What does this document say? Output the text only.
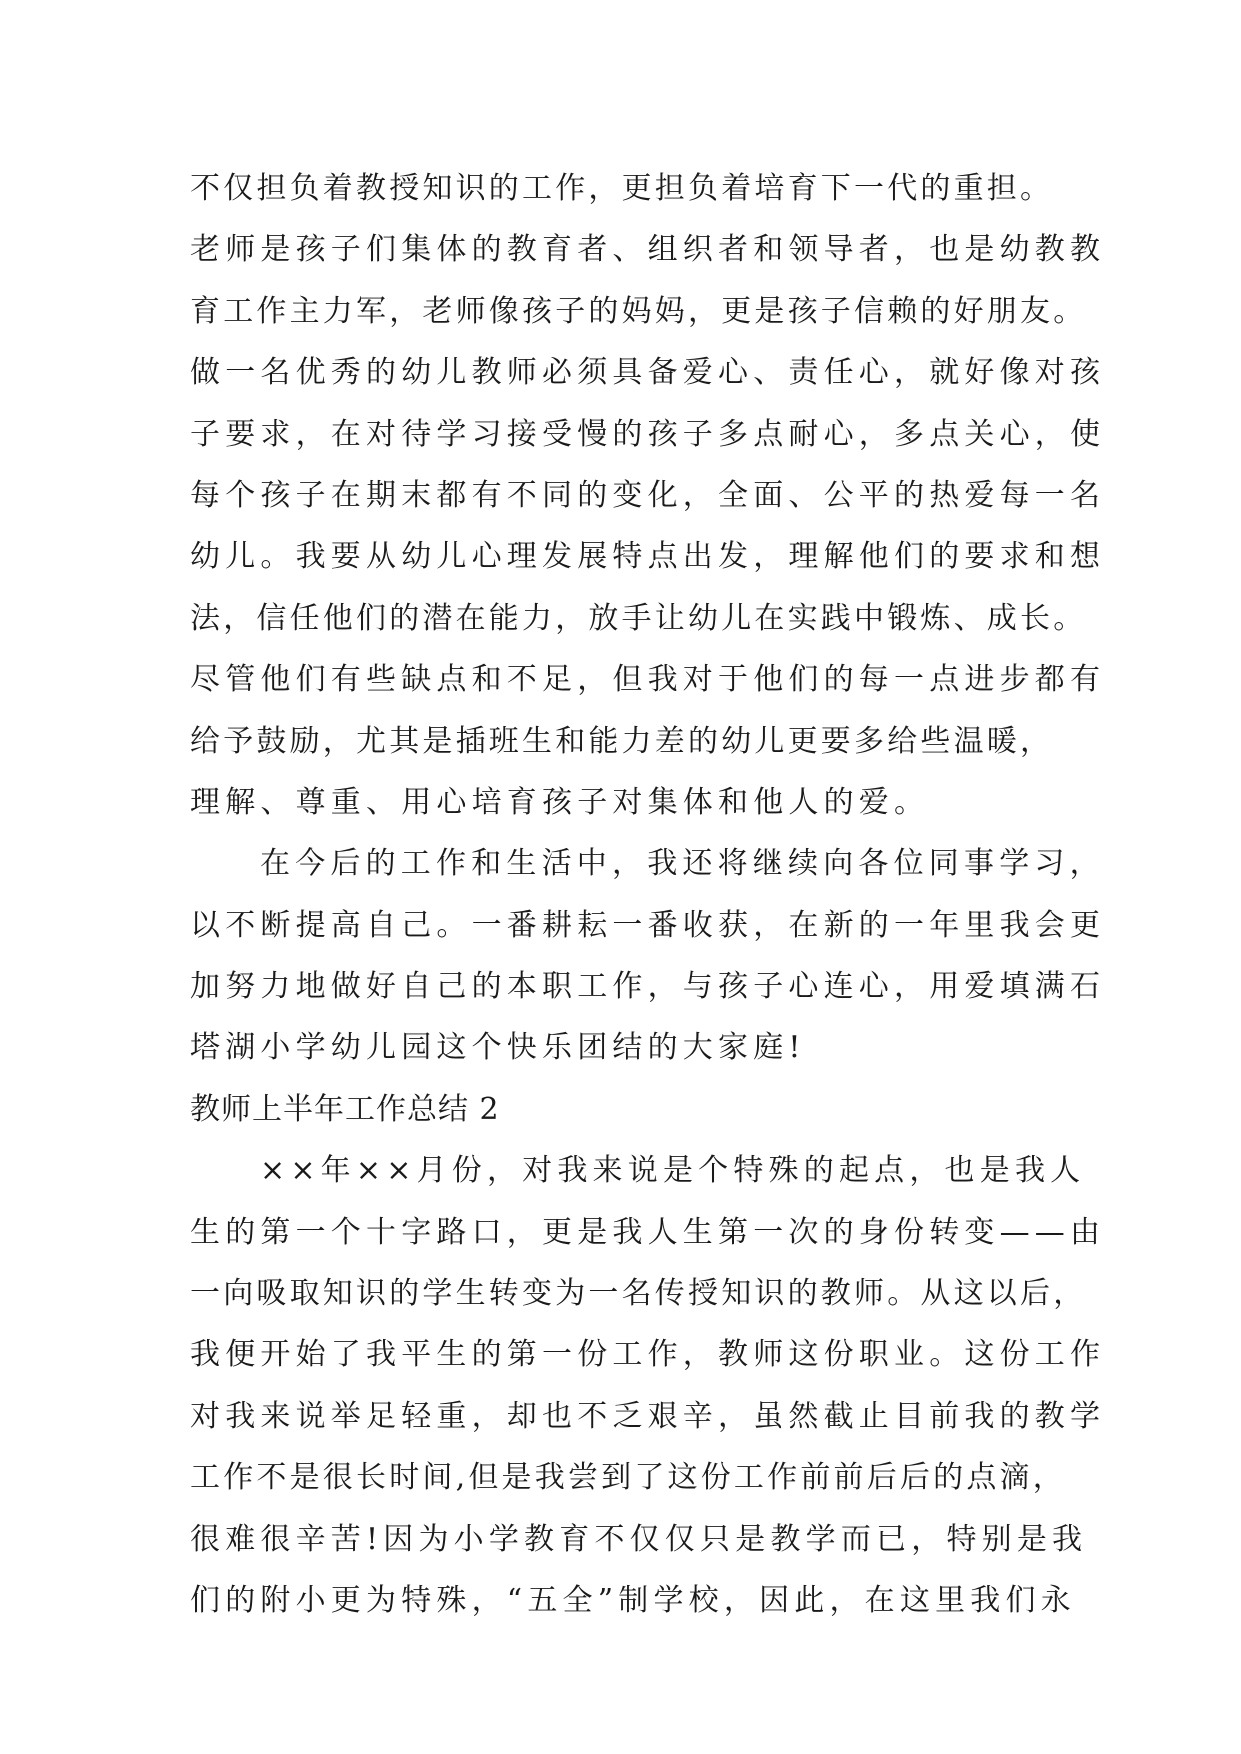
不仅担负着教授知识的工作，更担负着培育下一代的重担。
老师是孩子们集体的教育者、组织者和领导者，也是幼教教
育工作主力军，老师像孩子的妈妈，更是孩子信赖的好朋友。
做一名优秀的幼儿教师必须具备爱心、责任心，就好像对孩
子要求，在对待学习接受慢的孩子多点耐心，多点关心，使
每个孩子在期末都有不同的变化，全面、公平的热爱每一名
幼儿。我要从幼儿心理发展特点出发，理解他们的要求和想
法，信任他们的潜在能力，放手让幼儿在实践中锻炼、成长。
尽管他们有些缺点和不足，但我对于他们的每一点进步都有
给予鼓励，尤其是插班生和能力差的幼儿更要多给些温暖，
理解、尊重、用心培育孩子对集体和他人的爱。
在今后的工作和生活中，我还将继续向各位同事学习，
以不断提高自己。一番耕耘一番收获，在新的一年里我会更
加努力地做好自己的本职工作，与孩子心连心，用爱填满石
塔湖小学幼儿园这个快乐团结的大家庭!
教师上半年工作总结 2
××年××月份，对我来说是个特殊的起点，也是我人
生的第一个十字路口，更是我人生第一次的身份转变——由
一向吸取知识的学生转变为一名传授知识的教师。从这以后，
我便开始了我平生的第一份工作，教师这份职业。这份工作
对我来说举足轻重，却也不乏艰辛，虽然截止目前我的教学
工作不是很长时间,但是我尝到了这份工作前前后后的点滴，
很难很辛苦!因为小学教育不仅仅只是教学而已，特别是我
们的附小更为特殊，“五全”制学校，因此，在这里我们永
